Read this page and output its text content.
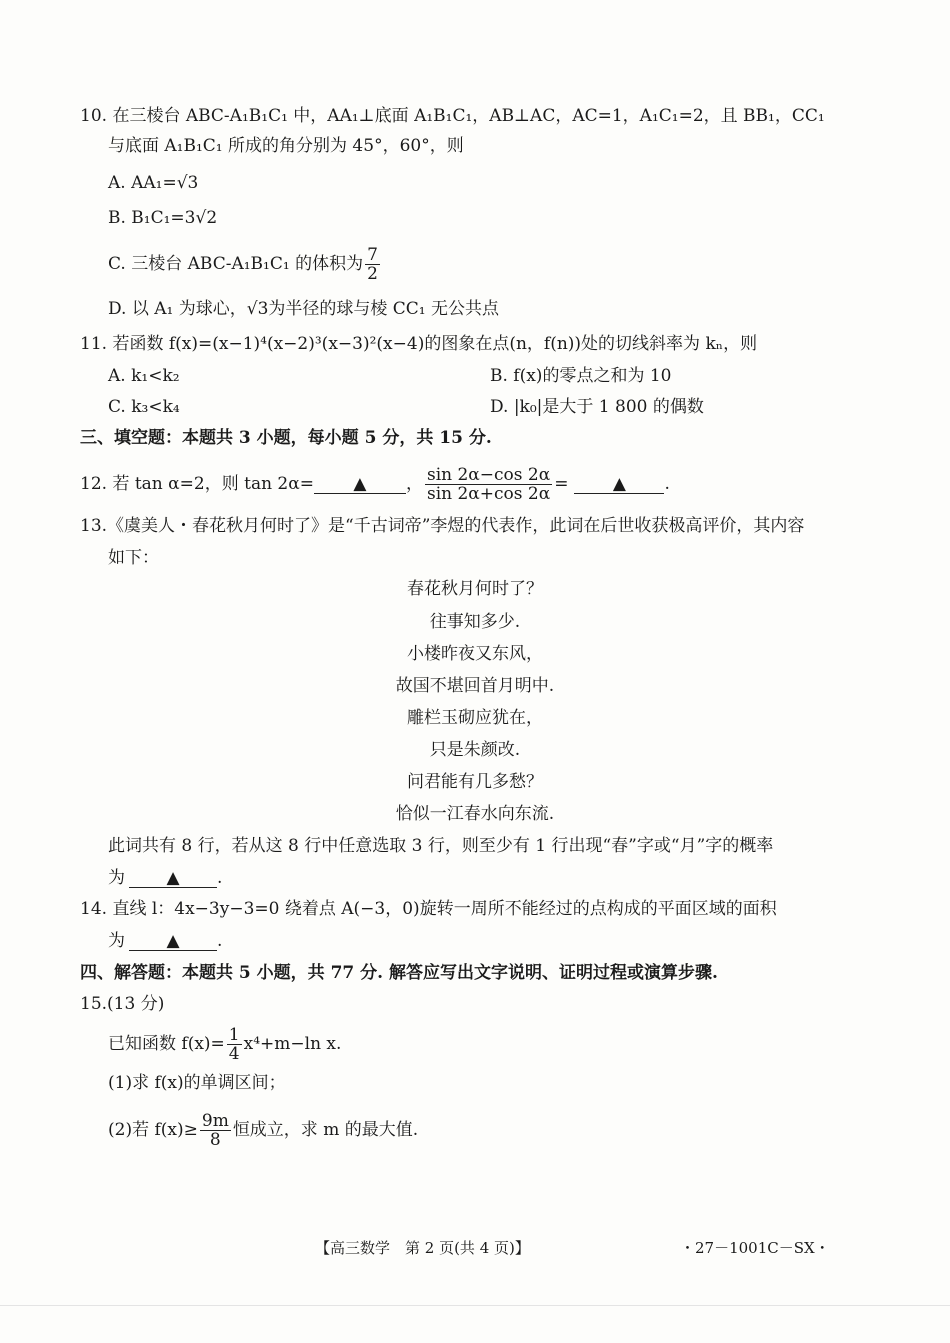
10. 在三棱台 ABC-A₁B₁C₁ 中，AA₁⊥底面 A₁B₁C₁，AB⊥AC，AC=1，A₁C₁=2，且 BB₁，CC₁
与底面 A₁B₁C₁ 所成的角分别为 45°，60°，则
A. AA₁=√3
B. B₁C₁=3√2
C. 三棱台 ABC-A₁B₁C₁ 的体积为 $\frac{7}{2}$
D. 以 A₁ 为球心，√3为半径的球与棱 CC₁ 无公共点
11. 若函数 f(x)=(x−1)⁴(x−2)³(x−3)²(x−4)的图象在点(n，f(n))处的切线斜率为 kₙ，则
A. k₁<k₂	B. f(x)的零点之和为 10
C. k₃<k₄	D. |k₀|是大于 1 800 的偶数
三、填空题：本题共 3 小题，每小题 5 分，共 15 分.
12. 若 tan α=2，则 tan 2α= ▲ ， $\frac{\sin 2\alpha-\cos 2\alpha}{\sin 2\alpha+\cos 2\alpha}$ =	▲ .
13.《虞美人・春花秋月何时了》是“千古词帝”李煜的代表作，此词在后世收获极高评价，其内容
如下：
春花秋月何时了？
往事知多少.
小楼昨夜又东风，
故国不堪回首月明中.
雕栏玉砌应犹在，
只是朱颜改.
问君能有几多愁？
恰似一江春水向东流.
此词共有 8 行，若从这 8 行中任意选取 3 行，则至少有 1 行出现“春”字或“月”字的概率
为 ▲ .
14. 直线 l：4x−3y−3=0 绕着点 A(−3，0)旋转一周所不能经过的点构成的平面区域的面积
为 ▲ .
四、解答题：本题共 5 小题，共 77 分. 解答应写出文字说明、证明过程或演算步骤.
15.(13 分)
已知函数 $f(x)= \frac{1}{4} x^4+m-\ln$ x.
(1)求 f(x)的单调区间；
(2)若 $f(x)\ge \frac{9m}{8}$ 恒成立，求 m 的最大值.
【高三数学　第 2 页(共 4 页)】	・27－1001C－SX・
